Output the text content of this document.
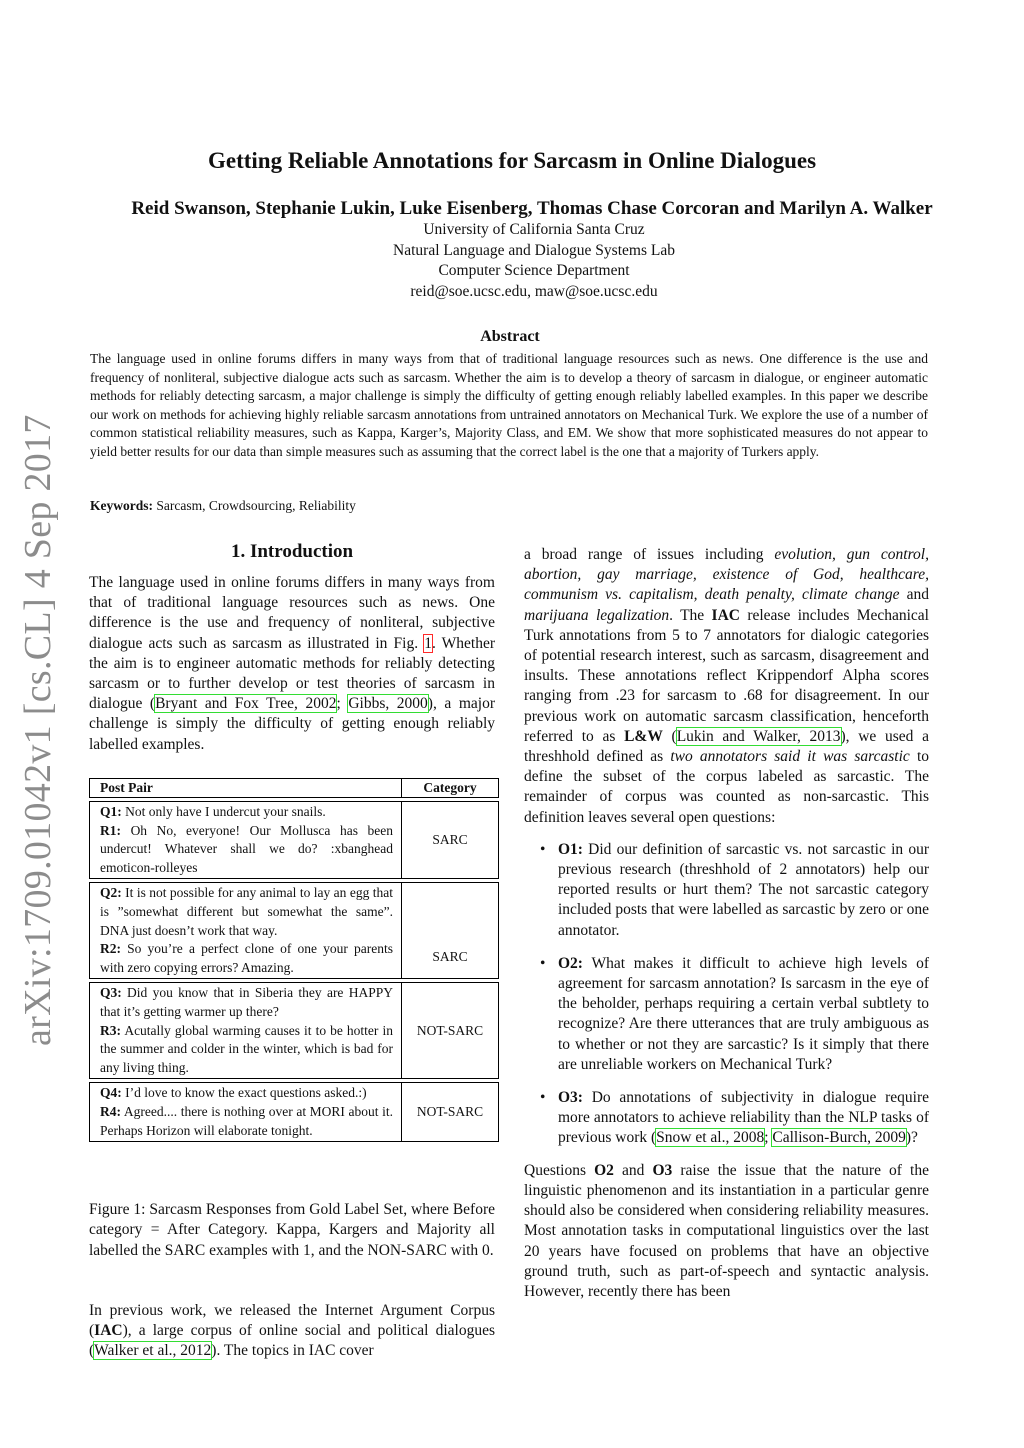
arXiv:1709.01042v1 [cs.CL] 4 Sep 2017
Getting Reliable Annotations for Sarcasm in Online Dialogues
Reid Swanson, Stephanie Lukin, Luke Eisenberg, Thomas Chase Corcoran and Marilyn A. Walker
University of California Santa Cruz
Natural Language and Dialogue Systems Lab
Computer Science Department
reid@soe.ucsc.edu, maw@soe.ucsc.edu
Abstract
The language used in online forums differs in many ways from that of traditional language resources such as news. One difference is the use and frequency of nonliteral, subjective dialogue acts such as sarcasm. Whether the aim is to develop a theory of sarcasm in dialogue, or engineer automatic methods for reliably detecting sarcasm, a major challenge is simply the difficulty of getting enough reliably labelled examples. In this paper we describe our work on methods for achieving highly reliable sarcasm annotations from untrained annotators on Mechanical Turk. We explore the use of a number of common statistical reliability measures, such as Kappa, Karger’s, Majority Class, and EM. We show that more sophisticated measures do not appear to yield better results for our data than simple measures such as assuming that the correct label is the one that a majority of Turkers apply.
Keywords: Sarcasm, Crowdsourcing, Reliability
1. Introduction
The language used in online forums differs in many ways from that of traditional language resources such as news. One difference is the use and frequency of nonliteral, subjective dialogue acts such as sarcasm as illustrated in Fig. 1. Whether the aim is to engineer automatic methods for reliably detecting sarcasm or to further develop or test theories of sarcasm in dialogue (Bryant and Fox Tree, 2002; Gibbs, 2000), a major challenge is simply the difficulty of getting enough reliably labelled examples.
Post Pair	Category
Q1: Not only have I undercut your snails.
R1: Oh No, everyone! Our Mollusca has been undercut! Whatever shall we do? :xbanghead emoticon-rolleyes
SARC
Q2: It is not possible for any animal to lay an egg that is ”somewhat different but somewhat the same”. DNA just doesn’t work that way.
R2: So you’re a perfect clone of one your parents with zero copying errors? Amazing.
SARC
Q3: Did you know that in Siberia they are HAPPY that it’s getting warmer up there?
R3: Acutally global warming causes it to be hotter in the summer and colder in the winter, which is bad for any living thing.
NOT-SARC
Q4: I’d love to know the exact questions asked.:)
R4: Agreed.... there is nothing over at MORI about it. Perhaps Horizon will elaborate tonight.
NOT-SARC
Figure 1: Sarcasm Responses from Gold Label Set, where Before category = After Category. Kappa, Kargers and Majority all labelled the SARC examples with 1, and the NON-SARC with 0.
In previous work, we released the Internet Argument Corpus (IAC), a large corpus of online social and political dialogues (Walker et al., 2012). The topics in IAC cover
a broad range of issues including evolution, gun control, abortion, gay marriage, existence of God, healthcare, communism vs. capitalism, death penalty, climate change and marijuana legalization. The IAC release includes Mechanical Turk annotations from 5 to 7 annotators for dialogic categories of potential research interest, such as sarcasm, disagreement and insults. These annotations reflect Krippendorf Alpha scores ranging from .23 for sarcasm to .68 for disagreement. In our previous work on automatic sarcasm classification, henceforth referred to as L&W (Lukin and Walker, 2013), we used a threshhold defined as two annotators said it was sarcastic to define the subset of the corpus labeled as sarcastic. The remainder of corpus was counted as non-sarcastic. This definition leaves several open questions:
• O1: Did our definition of sarcastic vs. not sarcastic in our previous research (threshhold of 2 annotators) help our reported results or hurt them? The not sarcastic category included posts that were labelled as sarcastic by zero or one annotator.
• O2: What makes it difficult to achieve high levels of agreement for sarcasm annotation? Is sarcasm in the eye of the beholder, perhaps requiring a certain verbal subtlety to recognize? Are there utterances that are truly ambiguous as to whether or not they are sarcastic? Is it simply that there are unreliable workers on Mechanical Turk?
• O3: Do annotations of subjectivity in dialogue require more annotators to achieve reliability than the NLP tasks of previous work (Snow et al., 2008; Callison-Burch, 2009)?
Questions O2 and O3 raise the issue that the nature of the linguistic phenomenon and its instantiation in a particular genre should also be considered when considering reliability measures. Most annotation tasks in computational linguistics over the last 20 years have focused on problems that have an objective ground truth, such as part-of-speech and syntactic analysis. However, recently there has been
